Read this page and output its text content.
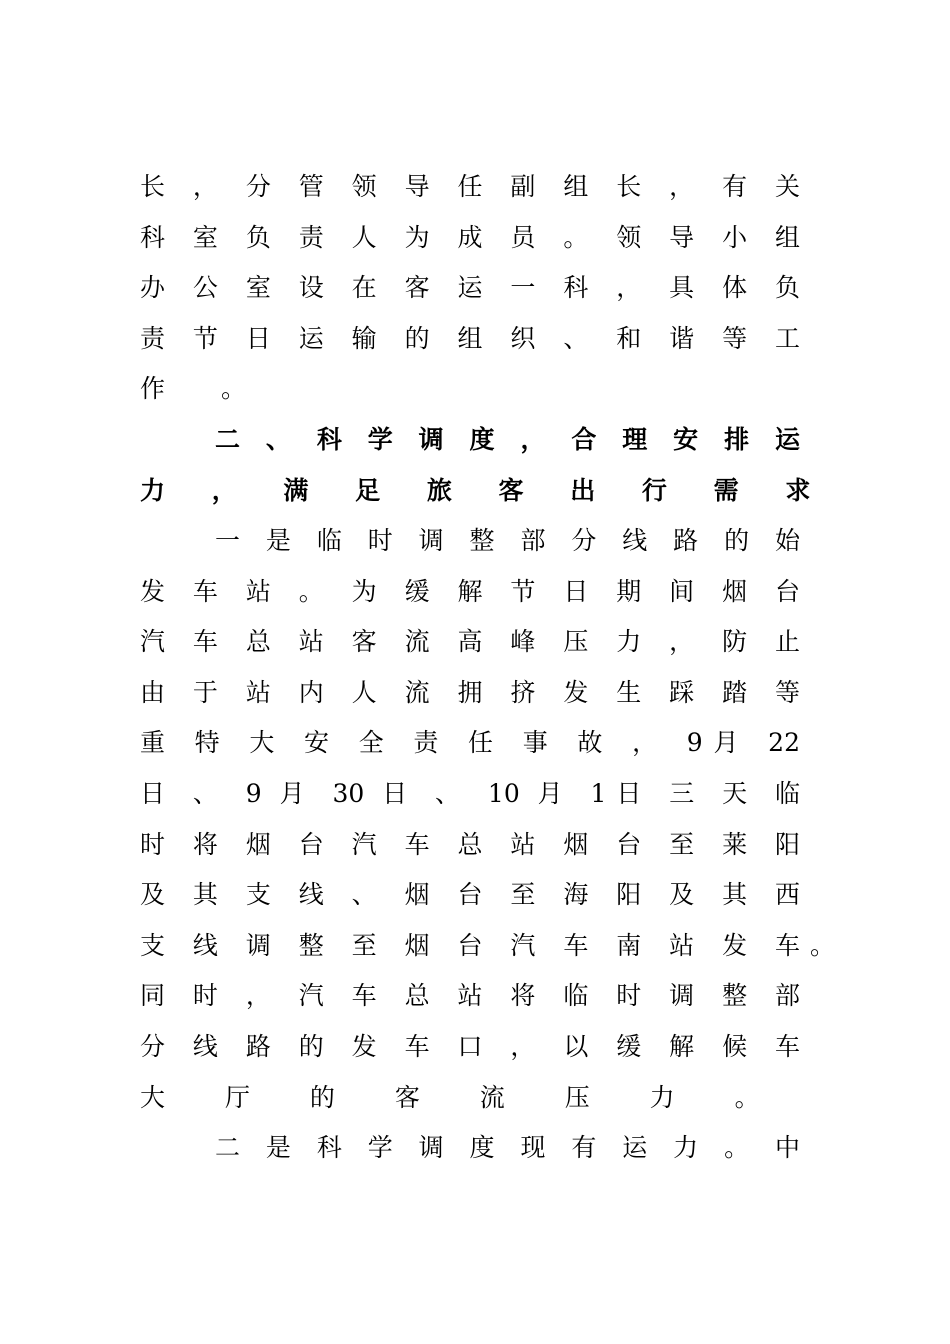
长 ， 分 管 领 导 任 副 组 长 ， 有 关
科 室 负 责 人 为 成 员 。 领 导 小 组
办 公 室 设 在 客 运 一 科 ， 具 体 负
责 节 日 运 输 的 组 织 、 和 谐 等 工
作 。
二 、 科 学 调 度 ， 合 理 安 排 运
力 ， 满 足 旅 客 出 行 需 求
一 是 临 时 调 整 部 分 线 路 的 始
发 车 站 。 为 缓 解 节 日 期 间 烟 台
汽 车 总 站 客 流 高 峰 压 力 ， 防 止
由 于 站 内 人 流 拥 挤 发 生 踩 踏 等
重 特 大 安 全 责 任 事 故 ， 9月 22
日 、 9 月 30 日 、 10 月 1日 三 天 临
时 将 烟 台 汽 车 总 站 烟 台 至 莱 阳
及 其 支 线 、 烟 台 至 海 阳 及 其 西
支 线 调 整 至 烟 台 汽 车 南 站 发 车 。
同 时 ， 汽 车 总 站 将 临 时 调 整 部
分 线 路 的 发 车 口 ， 以 缓 解 候 车
大 厅 的 客 流 压 力 。
二 是 科 学 调 度 现 有 运 力 。 中
